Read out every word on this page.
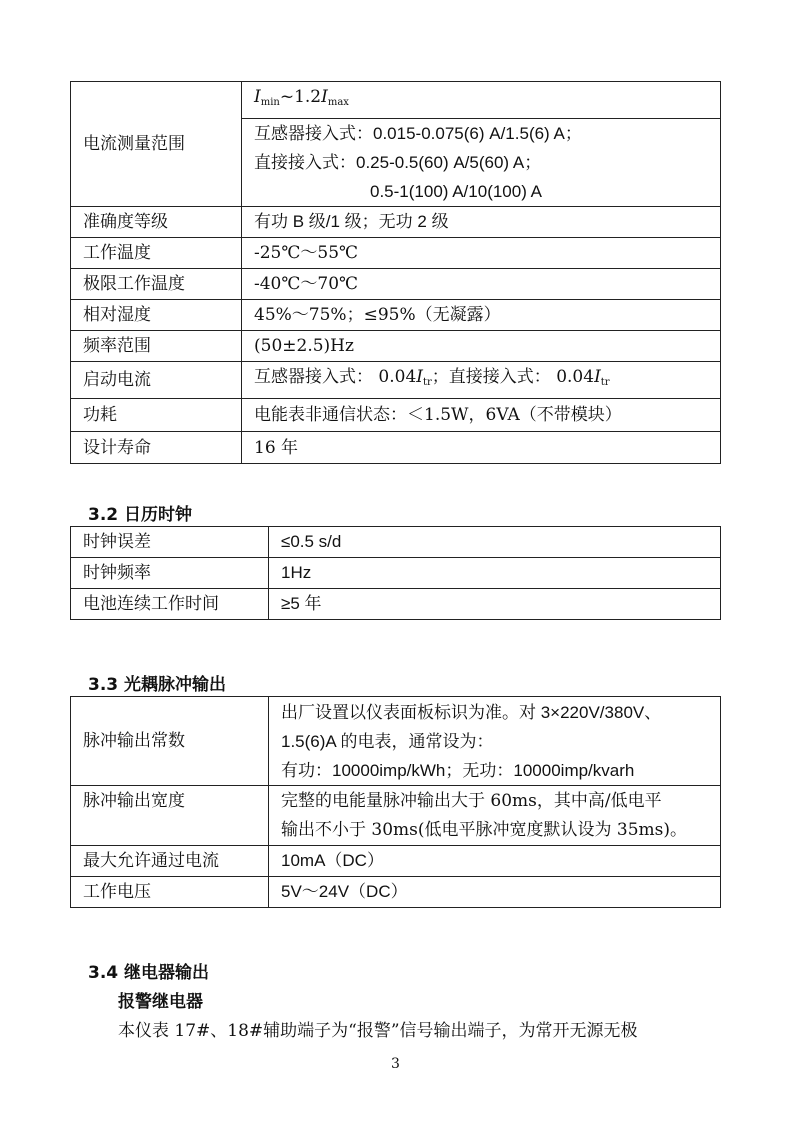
电流测量范围	$I_{min}\sim 1.2I_{max}$

	互感器接入式：0.015-0.075(6) A/1.5(6) A；
直接接入式：0.25-0.5(60) A/5(60) A；
0.5-1(100) A/10(100) A

准确度等级	有功 B 级/1 级；无功 2 级
工作温度	-25℃～55℃
极限工作温度	-40℃～70℃
相对湿度	45%～75%；≤95%（无凝露）
频率范围	(50±2.5)Hz
启动电流	互感器接入式： $0.04I_{tr}$；直接接入式： $0.04I_{tr}$
功耗	电能表非通信状态：＜1.5W，6VA（不带模块）
设计寿命	16 年
3.2 日历时钟
时钟误差	≤0.5 s/d
时钟频率	1Hz
电池连续工作时间	≥5 年
3.3 光耦脉冲输出
脉冲输出常数	出厂设置以仪表面板标识为准。对 3×220V/380V、
1.5(6)A 的电表，通常设为：
有功：10000imp/kWh；无功：10000imp/kvarh

脉冲输出宽度	完整的电能量脉冲输出大于 60ms，其中高/低电平
输出不小于 30ms(低电平脉冲宽度默认设为 35ms)。

最大允许通过电流	10mA（DC）
工作电压	5V～24V（DC）
3.4 继电器输出
报警继电器
本仪表 17#、18#辅助端子为“报警”信号输出端子，为常开无源无极
3
